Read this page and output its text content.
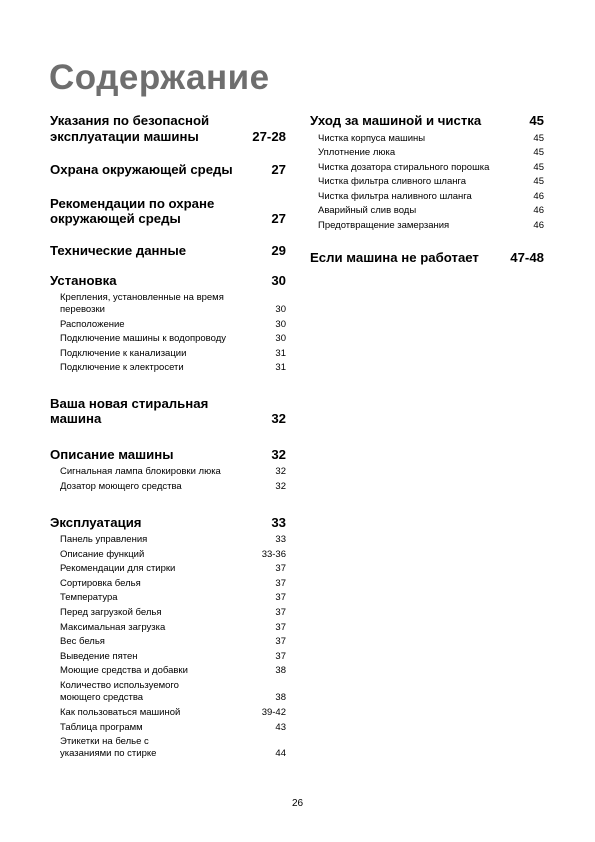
Содержание
Указания по безопасной
эксплуатации машины	27-28
Охрана окружающей среды	27
Рекомендации по охране
окружающей среды	27
Технические данные	29
Установка	30
Крепления, установленные на время
перевозки	30
Расположение	30
Подключение машины к водопроводу	30
Подключение к канализации	31
Подключение к электросети	31
Ваша новая стиральная
машина	32
Описание машины	32
Сигнальная лампа блокировки люка	32
Дозатор моющего средства	32
Эксплуатация	33
Панель управления	33
Описание функций	33-36
Рекомендации для стирки	37
Сортировка белья	37
Температура	37
Перед загрузкой белья	37
Максимальная загрузка	37
Вес белья	37
Выведение пятен	37
Моющие средства и добавки	38
Количество используемого
моющего средства	38
Как пользоваться машиной	39-42
Таблица программ	43
Этикетки на белье с
указаниями по стирке	44
Уход за машиной и чистка	45
Чистка корпуса машины	45
Уплотнение люка	45
Чистка дозатора стирального порошка	45
Чистка фильтра сливного шланга	45
Чистка фильтра наливного шланга	46
Аварийный слив воды	46
Предотвращение замерзания	46
Если машина не работает	47-48
26
